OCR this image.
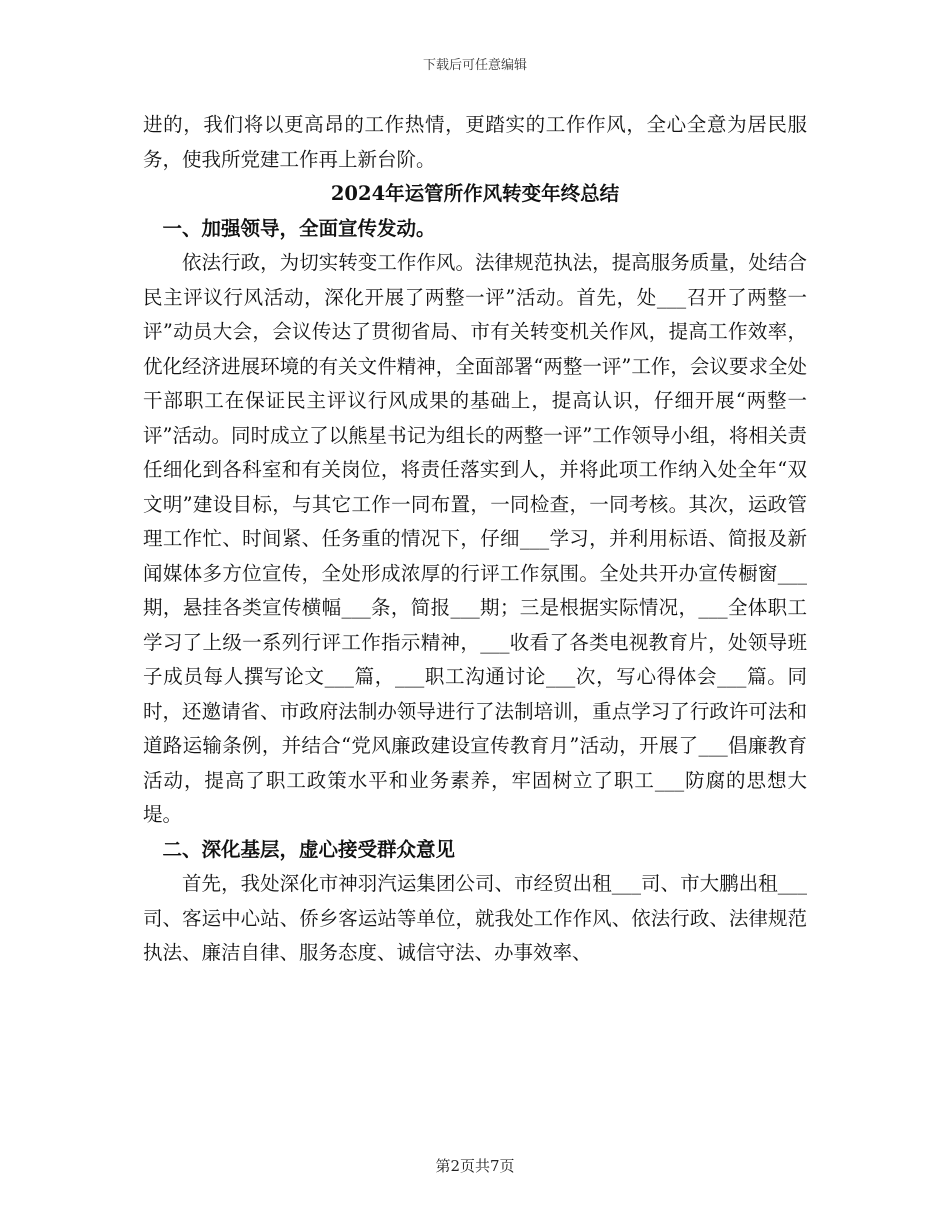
下载后可任意编辑

进的，我们将以更高昂的工作热情，更踏实的工作作风，全心全意为居民服务，使我所党建工作再上新台阶。

2024年运管所作风转变年终总结

一、加强领导，全面宣传发动。

依法行政，为切实转变工作作风。法律规范执法，提高服务质量，处结合民主评议行风活动，深化开展了两整一评”活动。首先，处___召开了两整一评”动员大会，会议传达了贯彻省局、市有关转变机关作风，提高工作效率，优化经济进展环境的有关文件精神，全面部署“两整一评”工作，会议要求全处干部职工在保证民主评议行风成果的基础上，提高认识，仔细开展“两整一评”活动。同时成立了以熊星书记为组长的两整一评”工作领导小组，将相关责任细化到各科室和有关岗位，将责任落实到人，并将此项工作纳入处全年“双文明”建设目标，与其它工作一同布置，一同检查，一同考核。其次，运政管理工作忙、时间紧、任务重的情况下，仔细___学习，并利用标语、简报及新闻媒体多方位宣传，全处形成浓厚的行评工作氛围。全处共开办宣传橱窗___期，悬挂各类宣传横幅___条，简报___期；三是根据实际情况，___全体职工学习了上级一系列行评工作指示精神，___收看了各类电视教育片，处领导班子成员每人撰写论文___篇，___职工沟通讨论___次，写心得体会___篇。同时，还邀请省、市政府法制办领导进行了法制培训，重点学习了行政许可法和道路运输条例，并结合“党风廉政建设宣传教育月”活动，开展了___倡廉教育活动，提高了职工政策水平和业务素养，牢固树立了职工___防腐的思想大堤。

二、深化基层，虚心接受群众意见

首先，我处深化市神羽汽运集团公司、市经贸出租___司、市大鹏出租___司、客运中心站、侨乡客运站等单位，就我处工作作风、依法行政、法律规范执法、廉洁自律、服务态度、诚信守法、办事效率、

第2页共7页
